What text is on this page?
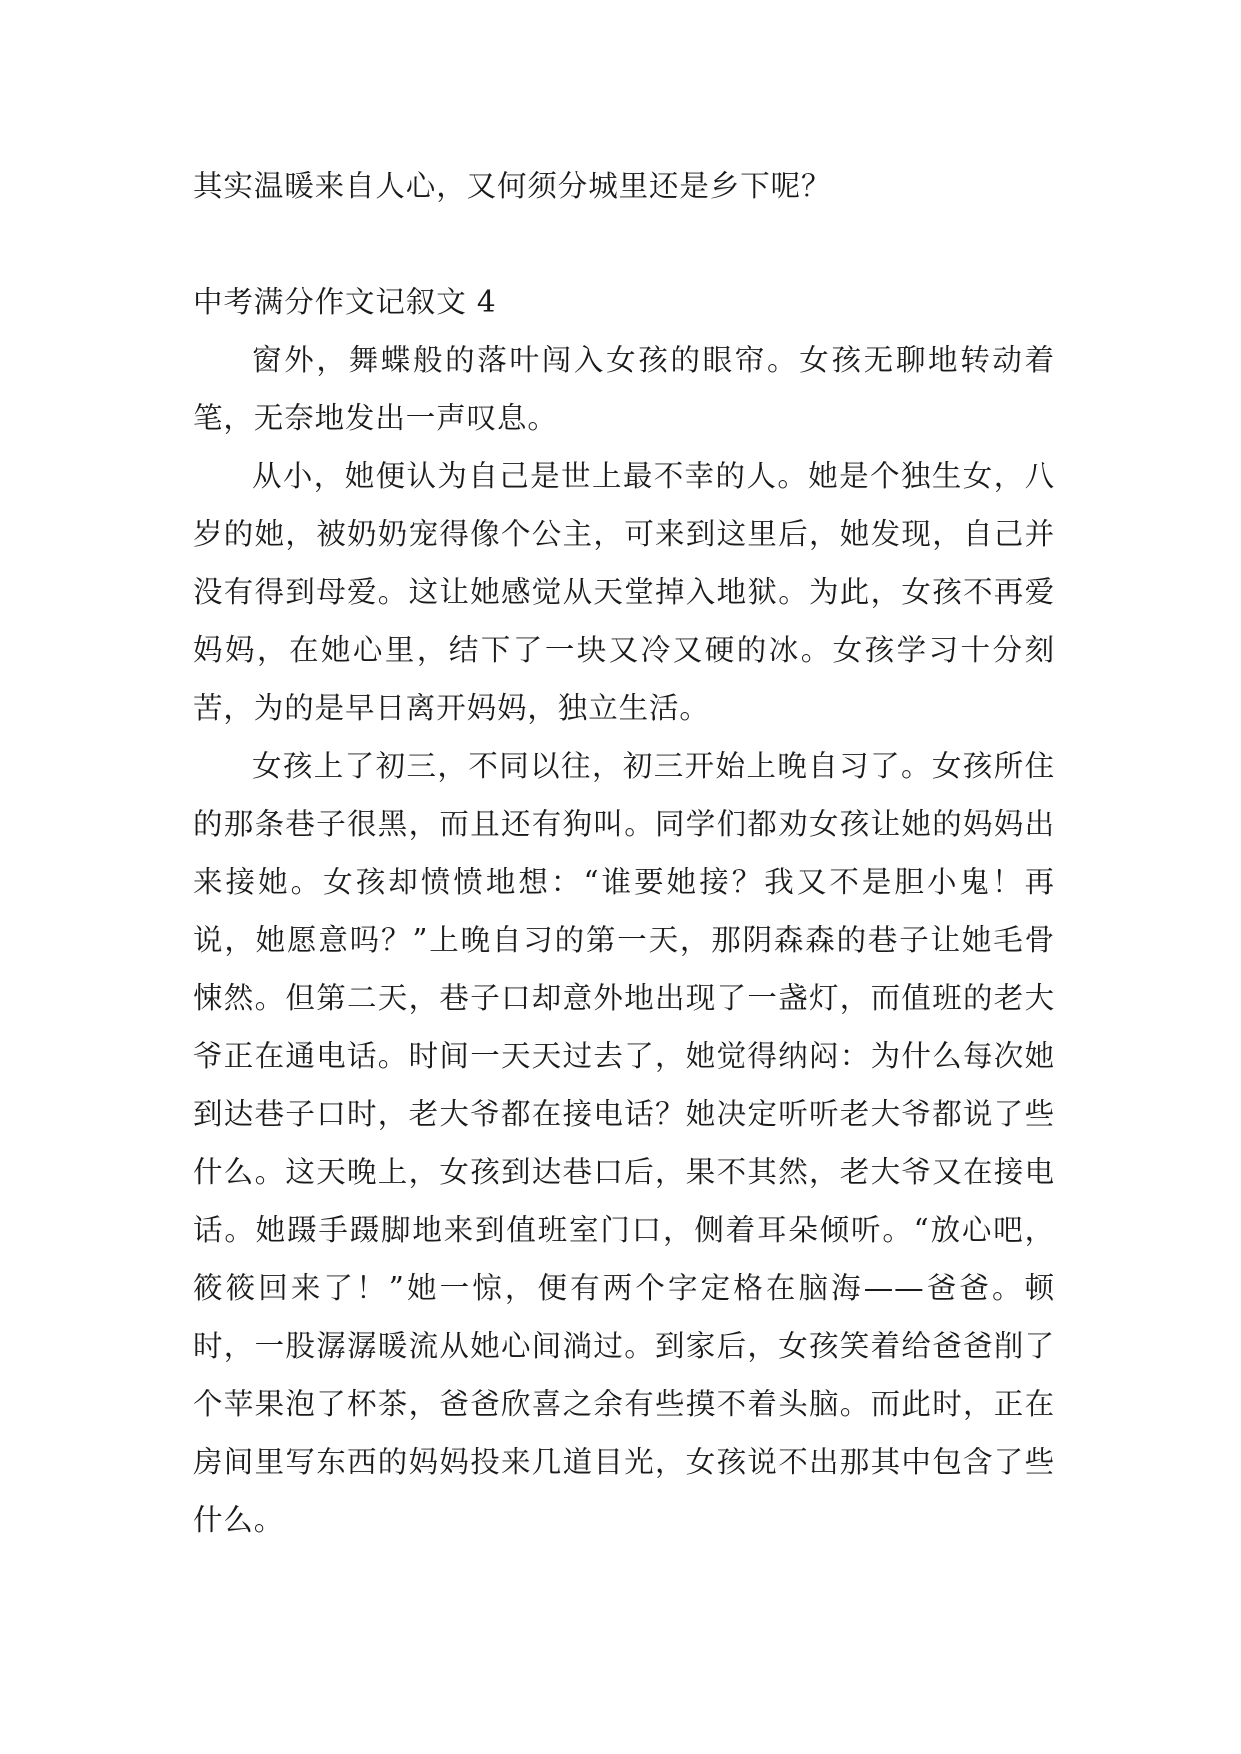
其实温暖来自人心，又何须分城里还是乡下呢？

中考满分作文记叙文 4

窗外，舞蝶般的落叶闯入女孩的眼帘。女孩无聊地转动着笔，无奈地发出一声叹息。

从小，她便认为自己是世上最不幸的人。她是个独生女，八岁的她，被奶奶宠得像个公主，可来到这里后，她发现，自己并没有得到母爱。这让她感觉从天堂掉入地狱。为此，女孩不再爱妈妈，在她心里，结下了一块又冷又硬的冰。女孩学习十分刻苦，为的是早日离开妈妈，独立生活。

女孩上了初三，不同以往，初三开始上晚自习了。女孩所住的那条巷子很黑，而且还有狗叫。同学们都劝女孩让她的妈妈出来接她。女孩却愤愤地想：“谁要她接？我又不是胆小鬼！再说，她愿意吗？”上晚自习的第一天，那阴森森的巷子让她毛骨悚然。但第二天，巷子口却意外地出现了一盏灯，而值班的老大爷正在通电话。时间一天天过去了，她觉得纳闷：为什么每次她到达巷子口时，老大爷都在接电话？她决定听听老大爷都说了些什么。这天晚上，女孩到达巷口后，果不其然，老大爷又在接电话。她蹑手蹑脚地来到值班室门口，侧着耳朵倾听。“放心吧，筱筱回来了！”她一惊，便有两个字定格在脑海——爸爸。顿时，一股潺潺暖流从她心间淌过。到家后，女孩笑着给爸爸削了个苹果泡了杯茶，爸爸欣喜之余有些摸不着头脑。而此时，正在房间里写东西的妈妈投来几道目光，女孩说不出那其中包含了些什么。
